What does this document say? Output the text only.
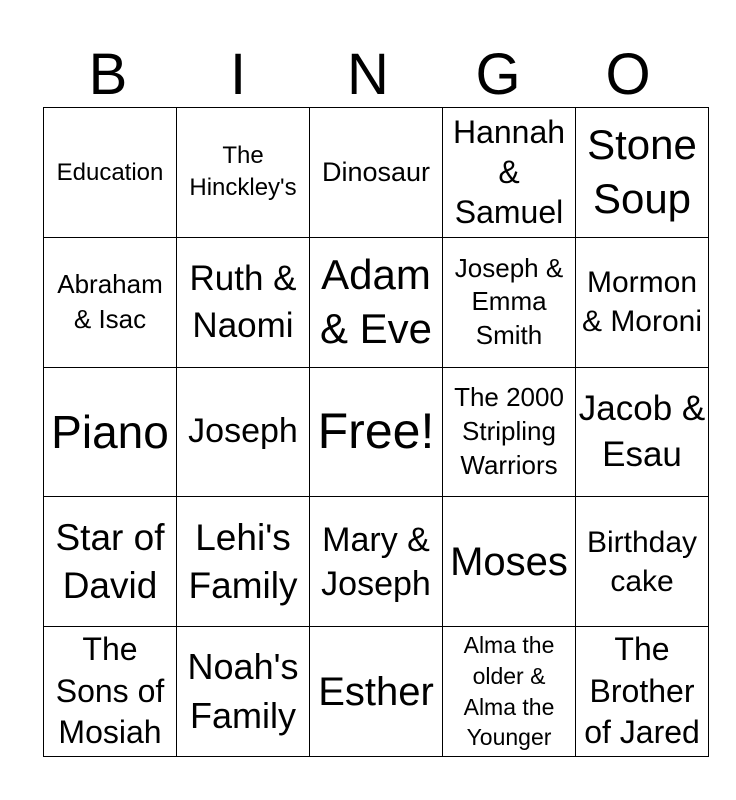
B	I	N	G	O
Education	The Hinckley's	Dinosaur	Hannah & Samuel	Stone Soup

Abraham & Isac	Ruth & Naomi	Adam & Eve	Joseph & Emma Smith	Mormon & Moroni

Piano	Joseph	Free!	The 2000 Stripling Warriors	Jacob & Esau

Star of David	Lehi's Family	Mary & Joseph	Moses	Birthday cake

The Sons of Mosiah	Noah's Family	Esther	Alma the older & Alma the Younger	The Brother of Jared
